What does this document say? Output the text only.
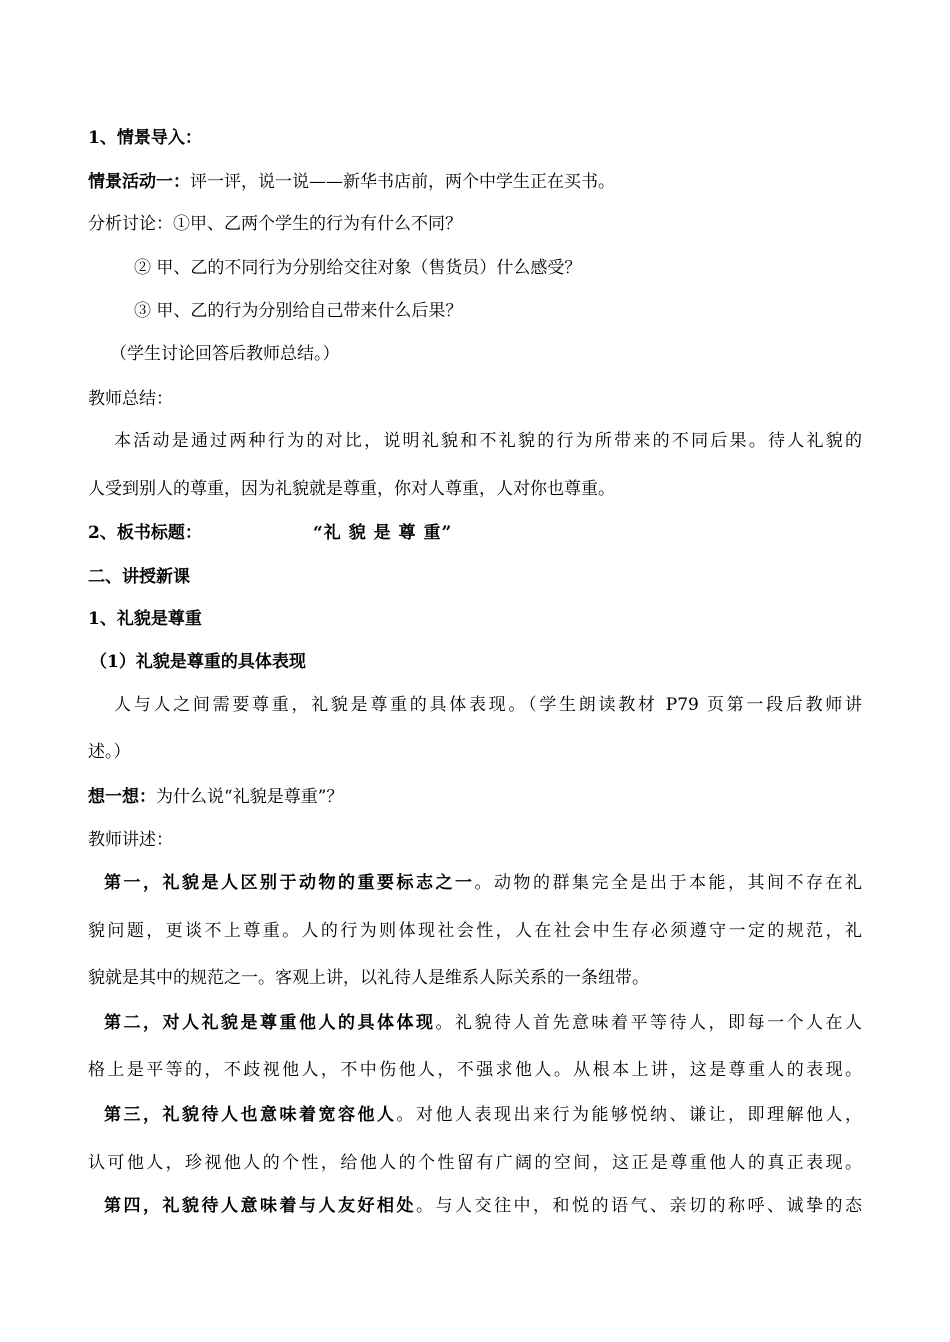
1、情景导入：
情景活动一：评一评，说一说——新华书店前，两个中学生正在买书。
分析讨论：①甲、乙两个学生的行为有什么不同？
② 甲、乙的不同行为分别给交往对象（售货员）什么感受？
③ 甲、乙的行为分别给自己带来什么后果？
（学生讨论回答后教师总结。）
教师总结：
本活动是通过两种行为的对比，说明礼貌和不礼貌的行为所带来的不同后果。待人礼貌的
人受到别人的尊重，因为礼貌就是尊重，你对人尊重，人对你也尊重。
2、板书标题：	“礼 貌 是 尊 重”
二、讲授新课
1、礼貌是尊重
（1）礼貌是尊重的具体表现
人与人之间需要尊重，礼貌是尊重的具体表现。（学生朗读教材 P79 页第一段后教师讲
述。）
想一想：为什么说“礼貌是尊重”？
教师讲述：
第一，礼貌是人区别于动物的重要标志之一。动物的群集完全是出于本能，其间不存在礼
貌问题，更谈不上尊重。人的行为则体现社会性，人在社会中生存必须遵守一定的规范，礼
貌就是其中的规范之一。客观上讲，以礼待人是维系人际关系的一条纽带。
第二，对人礼貌是尊重他人的具体体现。礼貌待人首先意味着平等待人，即每一个人在人
格上是平等的，不歧视他人，不中伤他人，不强求他人。从根本上讲，这是尊重人的表现。
第三，礼貌待人也意味着宽容他人。对他人表现出来行为能够悦纳、谦让，即理解他人，
认可他人，珍视他人的个性，给他人的个性留有广阔的空间，这正是尊重他人的真正表现。
第四，礼貌待人意味着与人友好相处。与人交往中，和悦的语气、亲切的称呼、诚挚的态
